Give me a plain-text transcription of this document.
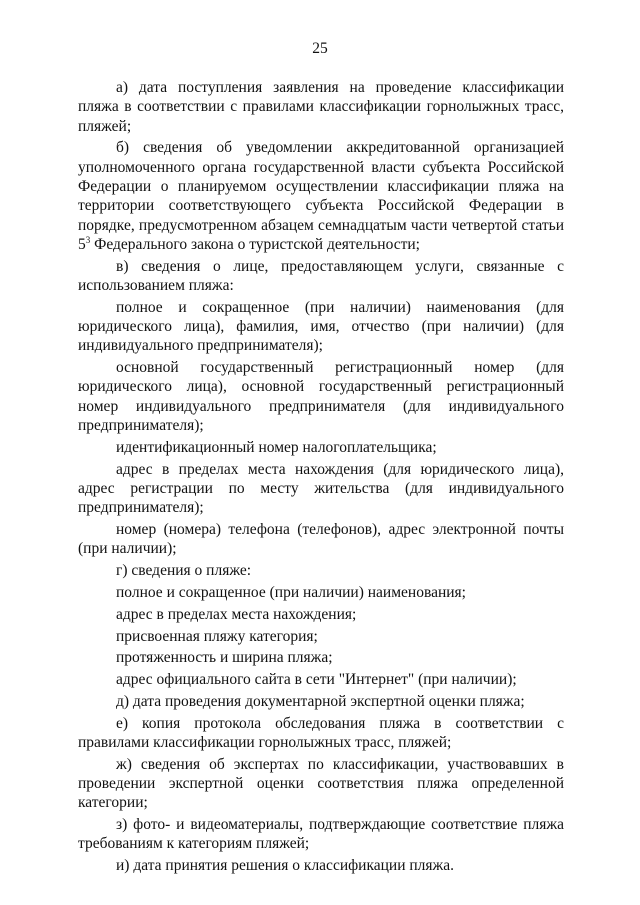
25

а) дата поступления заявления на проведение классификации пляжа в соответствии с правилами классификации горнолыжных трасс, пляжей;

б) сведения об уведомлении аккредитованной организацией уполномоченного органа государственной власти субъекта Российской Федерации о планируемом осуществлении классификации пляжа на территории соответствующего субъекта Российской Федерации в порядке, предусмотренном абзацем семнадцатым части четвертой статьи $5^3$ Федерального закона о туристской деятельности;

в) сведения о лице, предоставляющем услуги, связанные с использованием пляжа:

полное и сокращенное (при наличии) наименования (для юридического лица), фамилия, имя, отчество (при наличии) (для индивидуального предпринимателя);

основной государственный регистрационный номер (для юридического лица), основной государственный регистрационный номер индивидуального предпринимателя (для индивидуального предпринимателя);

идентификационный номер налогоплательщика;

адрес в пределах места нахождения (для юридического лица), адрес регистрации по месту жительства (для индивидуального предпринимателя);

номер (номера) телефона (телефонов), адрес электронной почты (при наличии);

г) сведения о пляже:

полное и сокращенное (при наличии) наименования;

адрес в пределах места нахождения;

присвоенная пляжу категория;

протяженность и ширина пляжа;

адрес официального сайта в сети "Интернет" (при наличии);

д) дата проведения документарной экспертной оценки пляжа;

е) копия протокола обследования пляжа в соответствии с правилами классификации горнолыжных трасс, пляжей;

ж) сведения об экспертах по классификации, участвовавших в проведении экспертной оценки соответствия пляжа определенной категории;

з) фото- и видеоматериалы, подтверждающие соответствие пляжа требованиям к категориям пляжей;

и) дата принятия решения о классификации пляжа.
